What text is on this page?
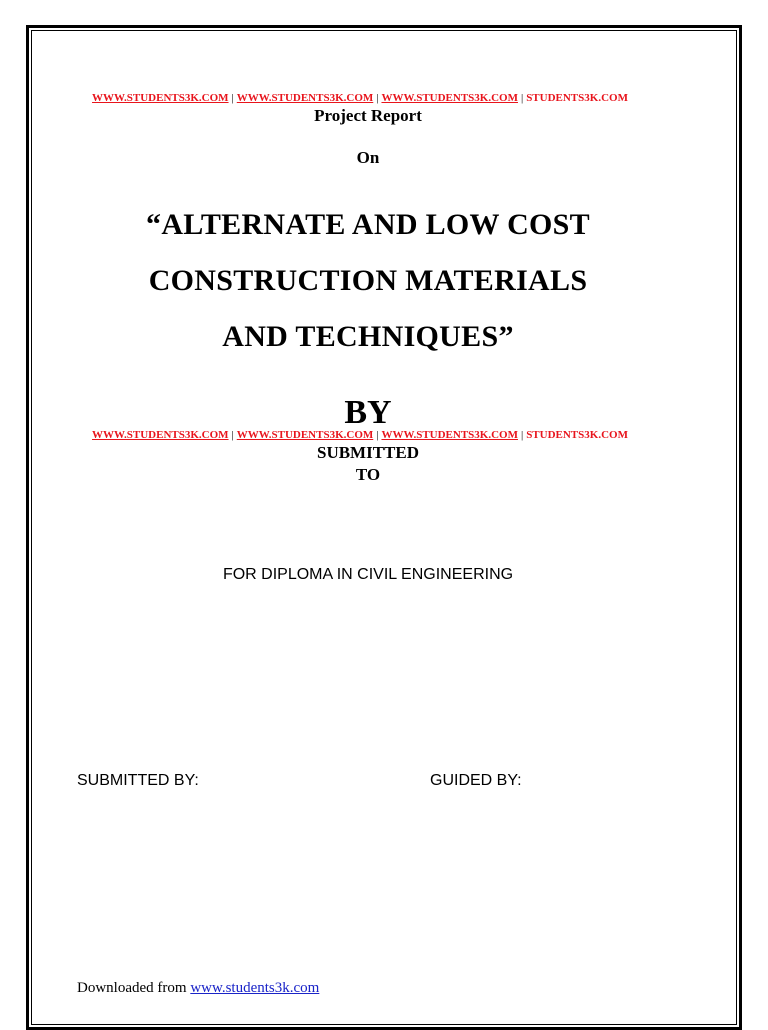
WWW.STUDENTS3K.COM | WWW.STUDENTS3K.COM | WWW.STUDENTS3K.COM | STUDENTS3K.COM
Project Report
On
“ALTERNATE AND LOW COST
CONSTRUCTION MATERIALS
AND TECHNIQUES”
BY
WWW.STUDENTS3K.COM | WWW.STUDENTS3K.COM | WWW.STUDENTS3K.COM | STUDENTS3K.COM
SUBMITTED
TO
FOR DIPLOMA IN CIVIL ENGINEERING
SUBMITTED BY:	GUIDED BY:
Downloaded from www.students3k.com
